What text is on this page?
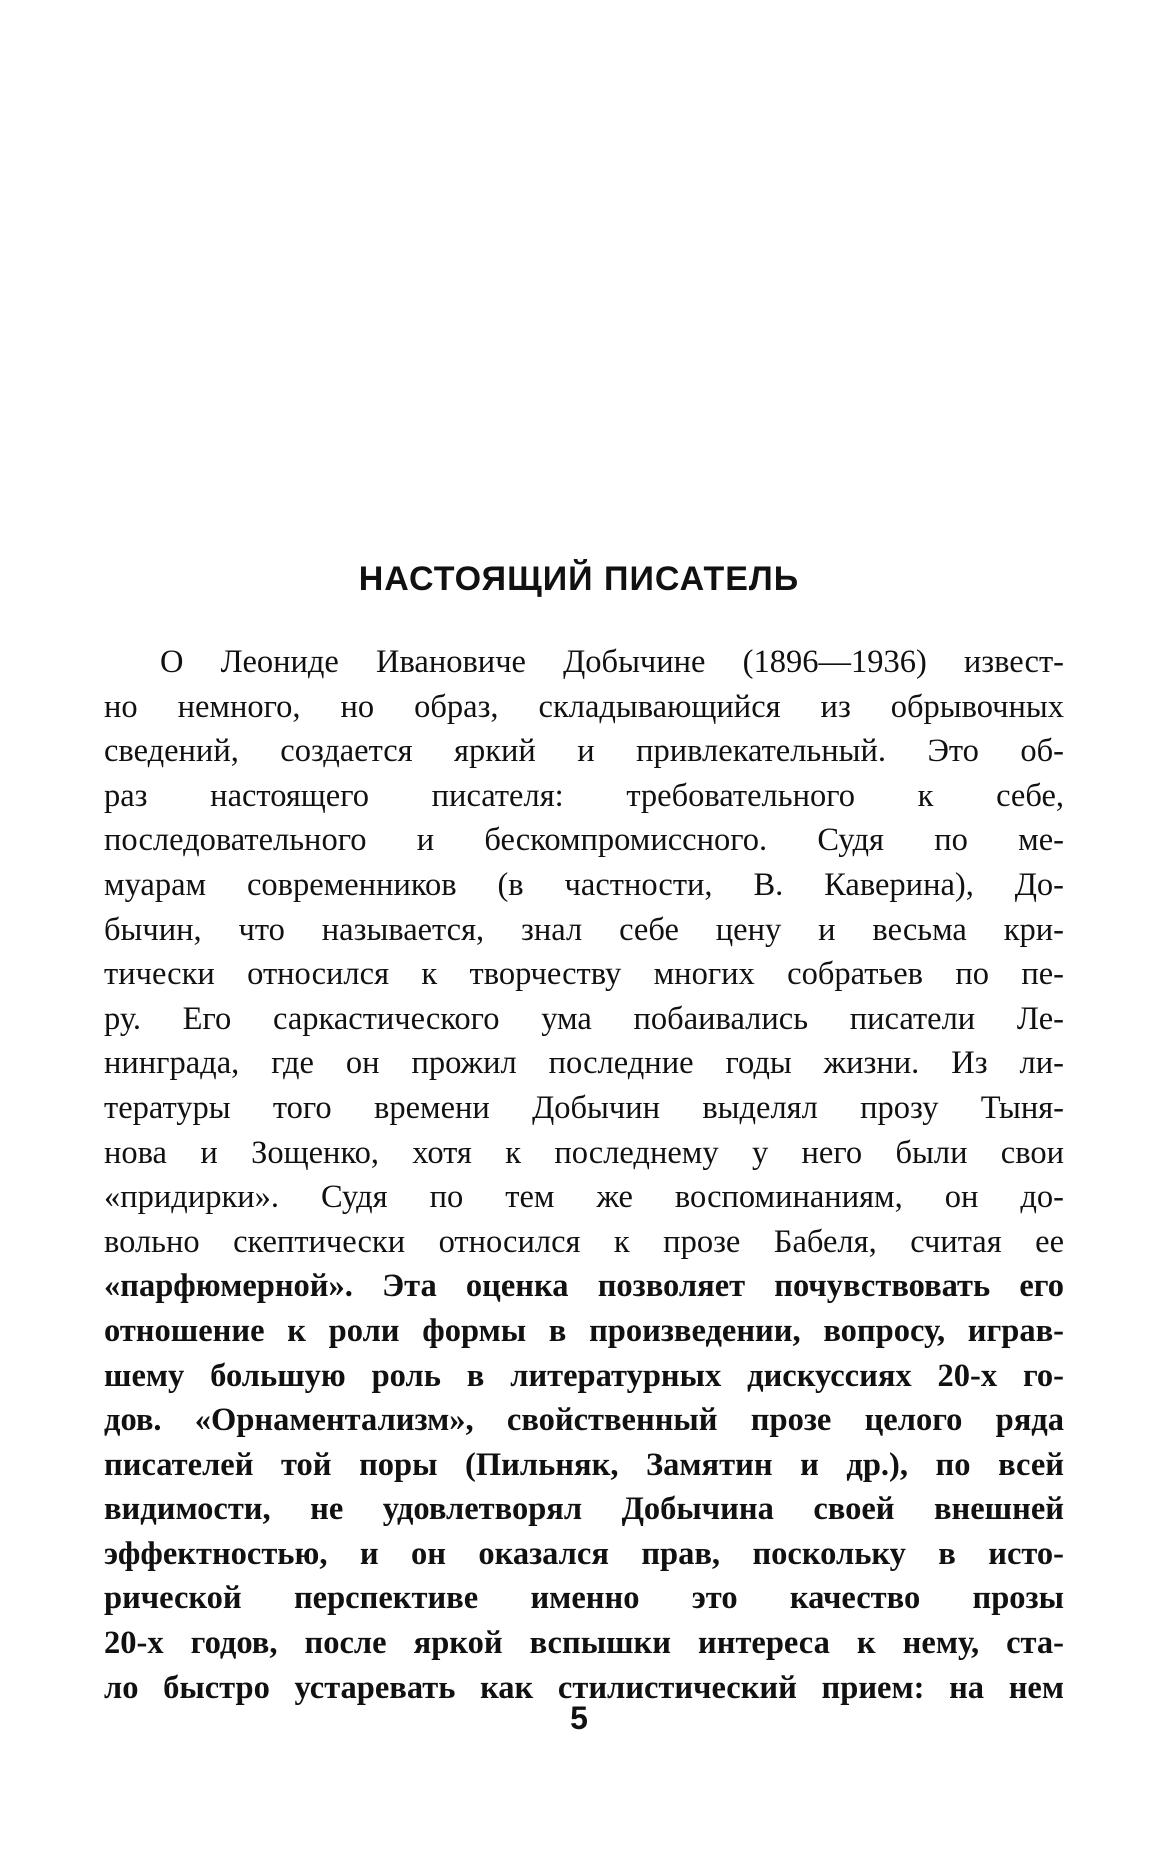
НАСТОЯЩИЙ ПИСАТЕЛЬ
О Леониде Ивановиче Добычине (1896—1936) извест-
но немного, но образ, складывающийся из обрывочных
сведений, создается яркий и привлекательный. Это об-
раз настоящего писателя: требовательного к себе,
последовательного и бескомпромиссного. Судя по ме-
муарам современников (в частности, В. Каверина), До-
бычин, что называется, знал себе цену и весьма кри-
тически относился к творчеству многих собратьев по пе-
ру. Его саркастического ума побаивались писатели Ле-
нинграда, где он прожил последние годы жизни. Из ли-
тературы того времени Добычин выделял прозу Тыня-
нова и Зощенко, хотя к последнему у него были свои
«придирки». Судя по тем же воспоминаниям, он до-
вольно скептически относился к прозе Бабеля, считая ее
«парфюмерной». Эта оценка позволяет почувствовать его
отношение к роли формы в произведении, вопросу, играв-
шему большую роль в литературных дискуссиях 20-х го-
дов. «Орнаментализм», свойственный прозе целого ряда
писателей той поры (Пильняк, Замятин и др.), по всей
видимости, не удовлетворял Добычина своей внешней
эффектностью, и он оказался прав, поскольку в исто-
рической перспективе именно это качество прозы
20-х годов, после яркой вспышки интереса к нему, ста-
ло быстро устаревать как стилистический прием: на нем
5
